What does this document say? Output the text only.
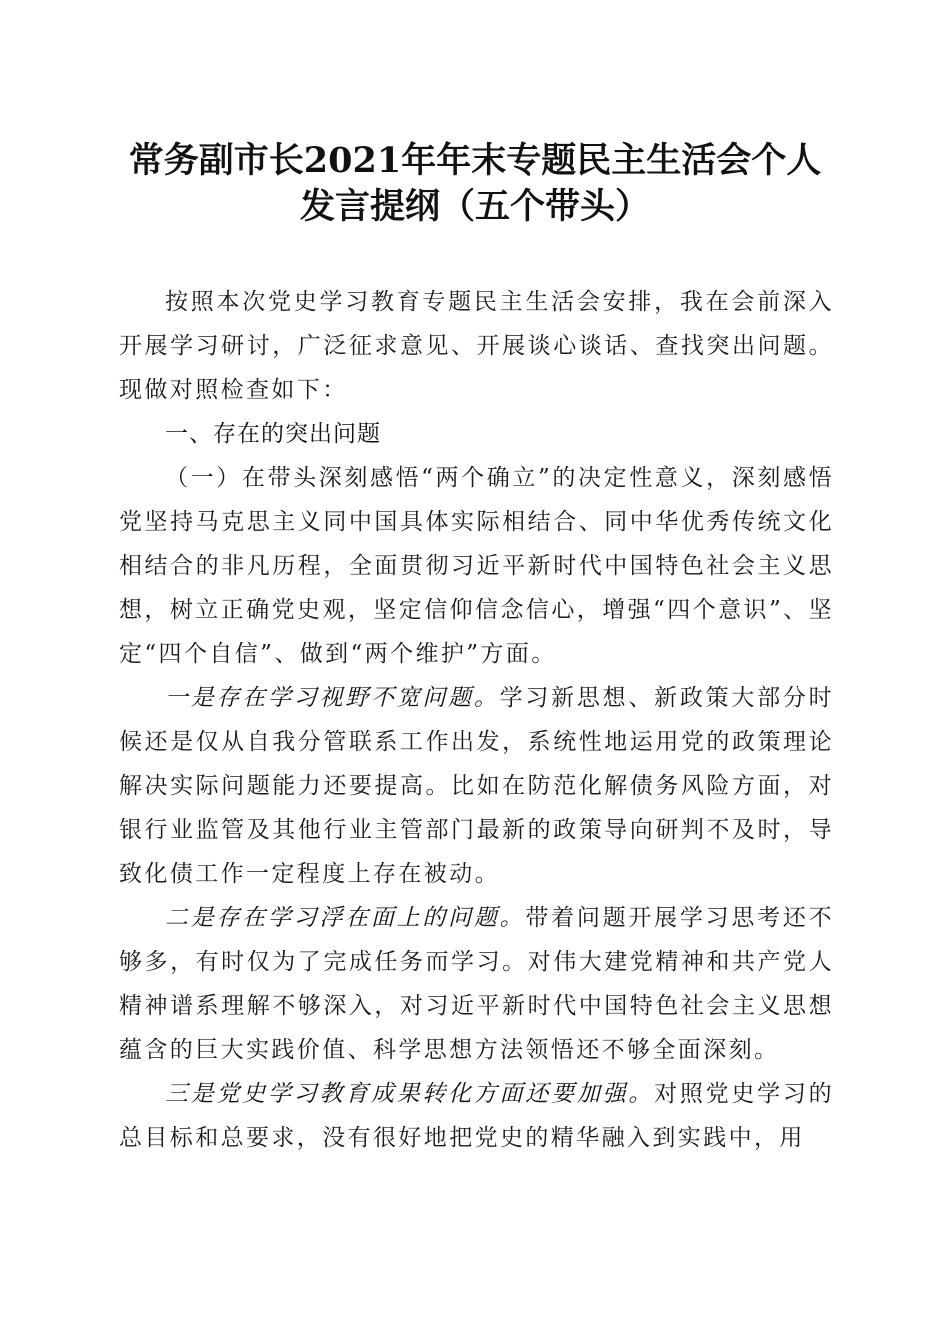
常务副市长2021年年末专题民主生活会个人
发言提纲（五个带头）

按照本次党史学习教育专题民主生活会安排，我在会前深入开展学习研讨，广泛征求意见、开展谈心谈话、查找突出问题。现做对照检查如下：

一、存在的突出问题

（一）在带头深刻感悟“两个确立”的决定性意义，深刻感悟党坚持马克思主义同中国具体实际相结合、同中华优秀传统文化相结合的非凡历程，全面贯彻习近平新时代中国特色社会主义思想，树立正确党史观，坚定信仰信念信心，增强“四个意识”、坚定“四个自信”、做到“两个维护”方面。

一是存在学习视野不宽问题。学习新思想、新政策大部分时候还是仅从自我分管联系工作出发，系统性地运用党的政策理论解决实际问题能力还要提高。比如在防范化解债务风险方面，对银行业监管及其他行业主管部门最新的政策导向研判不及时，导致化债工作一定程度上存在被动。

二是存在学习浮在面上的问题。带着问题开展学习思考还不够多，有时仅为了完成任务而学习。对伟大建党精神和共产党人精神谱系理解不够深入，对习近平新时代中国特色社会主义思想蕴含的巨大实践价值、科学思想方法领悟还不够全面深刻。

三是党史学习教育成果转化方面还要加强。对照党史学习的总目标和总要求，没有很好地把党史的精华融入到实践中，用
